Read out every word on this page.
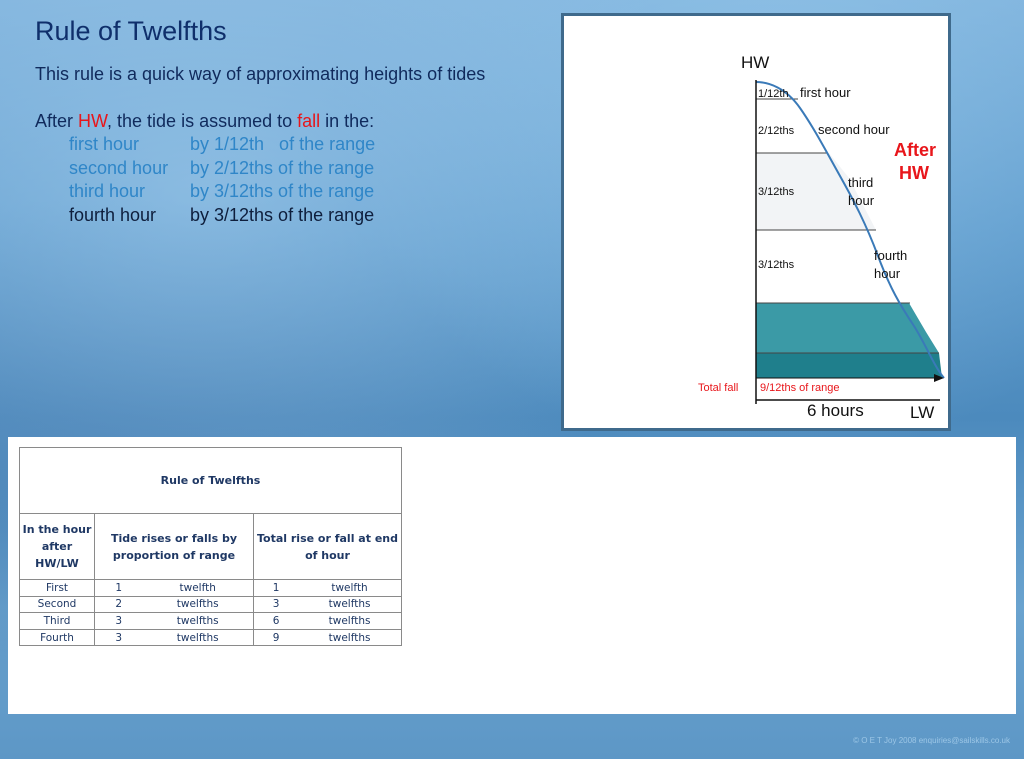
Rule of Twelfths
This rule is a quick way of approximating heights of tides
After HW, the tide is assumed to fall in the:
first hour	by 1/12th   of the range
second hour	by 2/12ths of the range
third hour	by 3/12ths of the range
fourth hour	by 3/12ths of the range
HW
LW
After
HW
1/12th
2/12ths
3/12ths
3/12ths
first hour
second hour
third
hour
fourth
hour
Total fall 9/12ths of range
6 hours
Rule of Twelfths
In the hour after HW/LW
Tide rises or falls by proportion of range
Total rise or fall at end of hour
First	1	twelfth	1	twelfth
Second	2	twelfths	3	twelfths
Third	3	twelfths	6	twelfths
Fourth	3	twelfths	9	twelfths
© O E T Joy 2008 enquiries@sailskills.co.uk
